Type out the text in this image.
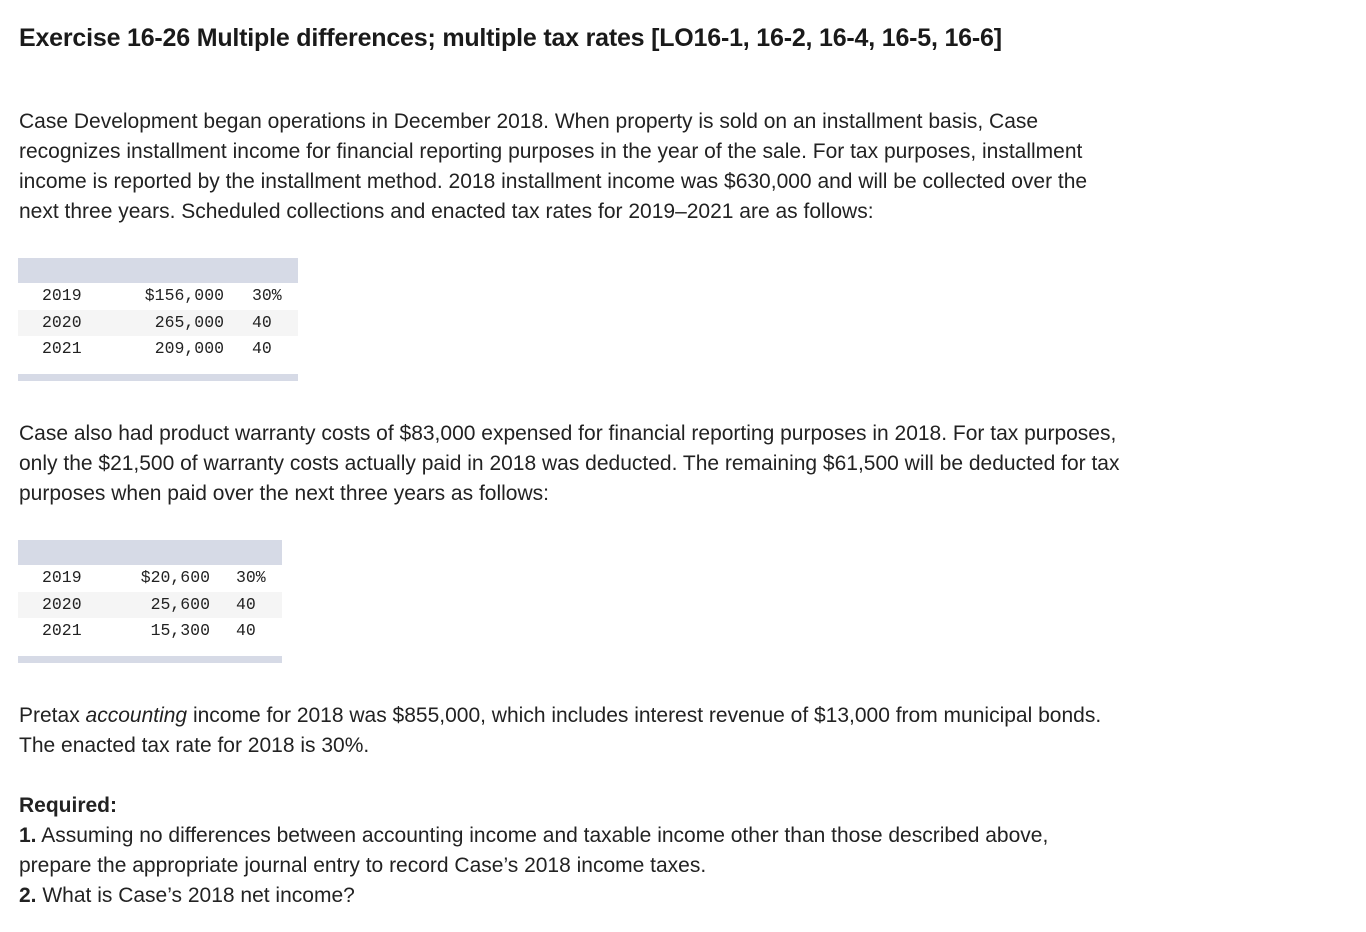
Exercise 16-26 Multiple differences; multiple tax rates [LO16-1, 16-2, 16-4, 16-5, 16-6]
Case Development began operations in December 2018. When property is sold on an installment basis, Case
recognizes installment income for financial reporting purposes in the year of the sale. For tax purposes, installment
income is reported by the installment method. 2018 installment income was $630,000 and will be collected over the
next three years. Scheduled collections and enacted tax rates for 2019–2021 are as follows:
2019	$156,000 30%
2020	265,000 40
2021	209,000 40
Case also had product warranty costs of $83,000 expensed for financial reporting purposes in 2018. For tax purposes,
only the $21,500 of warranty costs actually paid in 2018 was deducted. The remaining $61,500 will be deducted for tax
purposes when paid over the next three years as follows:
2019	$20,600 30%
2020	25,600 40
2021	15,300 40
Pretax accounting income for 2018 was $855,000, which includes interest revenue of $13,000 from municipal bonds.
The enacted tax rate for 2018 is 30%.
Required:
1. Assuming no differences between accounting income and taxable income other than those described above,
prepare the appropriate journal entry to record Case’s 2018 income taxes.
2. What is Case’s 2018 net income?
